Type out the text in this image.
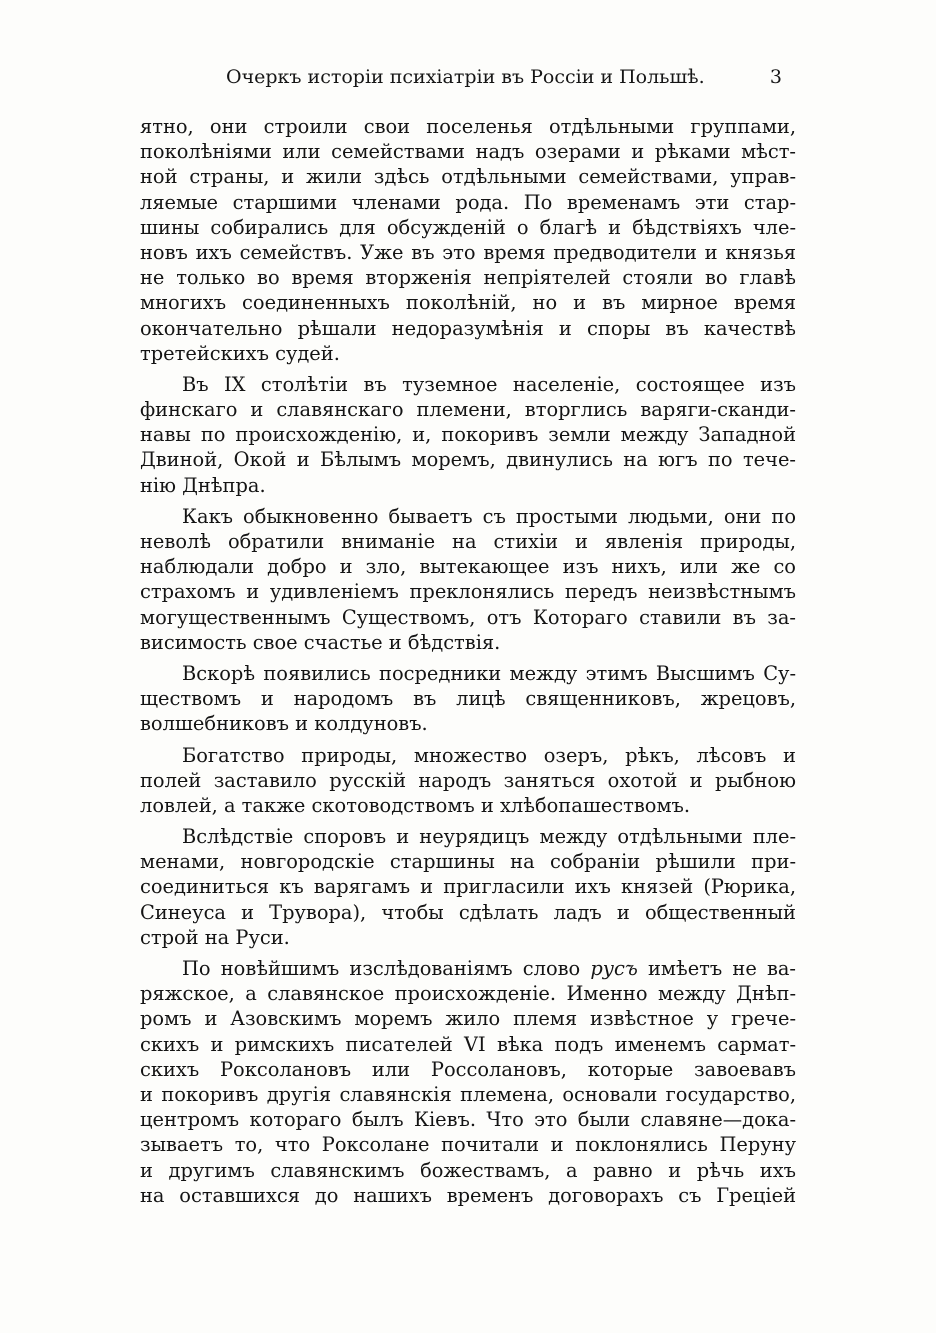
Очеркъ исторіи психіатріи въ Россіи и Польшѣ.	3
ятно, они строили свои поселенья отдѣльными группами,
поколѣніями или семействами надъ озерами и рѣками мѣст-
ной страны, и жили здѣсь отдѣльными семействами, управ-
ляемые старшими членами рода. По временамъ эти стар-
шины собирались для обсужденій о благѣ и бѣдствіяхъ чле-
новъ ихъ семействъ. Уже въ это время предводители и князья
не только во время вторженія непріятелей стояли во главѣ
многихъ соединенныхъ поколѣній, но и въ мирное время
окончательно рѣшали недоразумѣнія и споры въ качествѣ
третейскихъ судей.
Въ IX столѣтіи въ туземное населеніе, состоящее изъ
финскаго и славянскаго племени, вторглись варяги-сканди-
навы по происхожденію, и, покоривъ земли между Западной
Двиной, Окой и Бѣлымъ моремъ, двинулись на югъ по тече-
нію Днѣпра.
Какъ обыкновенно бываетъ съ простыми людьми, они по
неволѣ обратили вниманіе на стихіи и явленія природы,
наблюдали добро и зло, вытекающее изъ нихъ, или же со
страхомъ и удивленіемъ преклонялись передъ неизвѣстнымъ
могущественнымъ Существомъ, отъ Котораго ставили въ за-
висимость свое счастье и бѣдствія.
Вскорѣ появились посредники между этимъ Высшимъ Су-
ществомъ и народомъ въ лицѣ священниковъ, жрецовъ,
волшебниковъ и колдуновъ.
Богатство природы, множество озеръ, рѣкъ, лѣсовъ и
полей заставило русскій народъ заняться охотой и рыбною
ловлей, а также скотоводствомъ и хлѣбопашествомъ.
Вслѣдствіе споровъ и неурядицъ между отдѣльными пле-
менами, новгородскіе старшины на собраніи рѣшили при-
соединиться къ варягамъ и пригласили ихъ князей (Рюрика,
Синеуса и Трувора), чтобы сдѣлать ладъ и общественный
строй на Руси.
По новѣйшимъ изслѣдованіямъ слово русъ имѣетъ не ва-
ряжское, а славянское происхожденіе. Именно между Днѣп-
ромъ и Азовскимъ моремъ жило племя извѣстное у грече-
скихъ и римскихъ писателей VI вѣка подъ именемъ сармат-
скихъ Роксолановъ или Россолановъ, которые завоевавъ
и покоривъ другія славянскія племена, основали государство,
центромъ котораго былъ Кіевъ. Что это были славяне—дока-
зываетъ то, что Роксолане почитали и поклонялись Перуну
и другимъ славянскимъ божествамъ, а равно и рѣчь ихъ
на оставшихся до нашихъ временъ договорахъ съ Греціей
